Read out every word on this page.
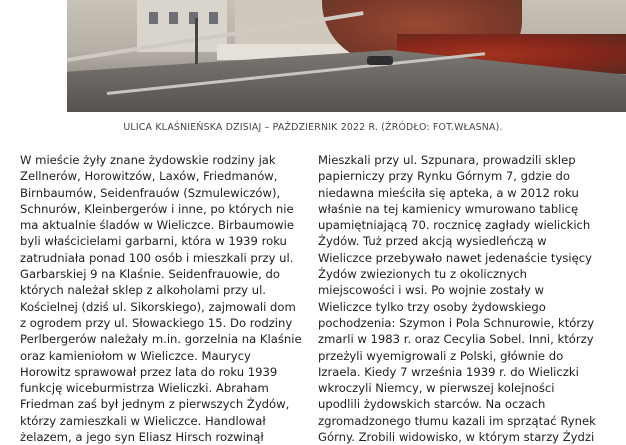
ULICA KLAŚNIEŃSKA DZISIAJ – PAŹDZIERNIK 2022 R. (ŹRÓDŁO: FOT.WŁASNA).

W mieście żyły znane żydowskie rodziny jak

Zellnerów, Horowitzów, Laxów, Friedmanów,

Birnbaumów, Seidenfrauów (Szmulewiczów),

Schnurów, Kleinbergerów i inne, po których nie

ma aktualnie śladów w Wieliczce. Birbaumowie

byli właścicielami garbarni, która w 1939 roku

zatrudniała ponad 100 osób i mieszkali przy ul.

Garbarskiej 9 na Klaśnie. Seidenfrauowie, do

których należał sklep z alkoholami przy ul.

Kościelnej (dziś ul. Sikorskiego), zajmowali dom

z ogrodem przy ul. Słowackiego 15. Do rodziny

Perlbergerów należały m.in. gorzelnia na Klaśnie

oraz kamieniołom w Wieliczce. Maurycy

Horowitz sprawował przez lata do roku 1939

funkcję wiceburmistrza Wieliczki. Abraham

Friedman zaś był jednym z pierwszych Żydów,

którzy zamieszkali w Wieliczce. Handlował

żelazem, a jego syn Eliasz Hirsch rozwinął

Mieszkali przy ul. Szpunara, prowadzili sklep

papierniczy przy Rynku Górnym 7, gdzie do

niedawna mieściła się apteka, a w 2012 roku

właśnie na tej kamienicy wmurowano tablicę

upamiętniającą 70. rocznicę zagłady wielickich

Żydów. Tuż przed akcją wysiedleńczą w

Wieliczce przebywało nawet jedenaście tysięcy

Żydów zwiezionych tu z okolicznych

miejscowości i wsi. Po wojnie zostały w

Wieliczce tylko trzy osoby żydowskiego

pochodzenia: Szymon i Pola Schnurowie, którzy

zmarli w 1983 r. oraz Cecylia Sobel. Inni, którzy

przeżyli wyemigrowali z Polski, głównie do

Izraela. Kiedy 7 września 1939 r. do Wieliczki

wkroczyli Niemcy, w pierwszej kolejności

upodlili żydowskich starców. Na oczach

zgromadzonego tłumu kazali im sprzątać Rynek

Górny. Zrobili widowisko, w którym starzy Żydzi
